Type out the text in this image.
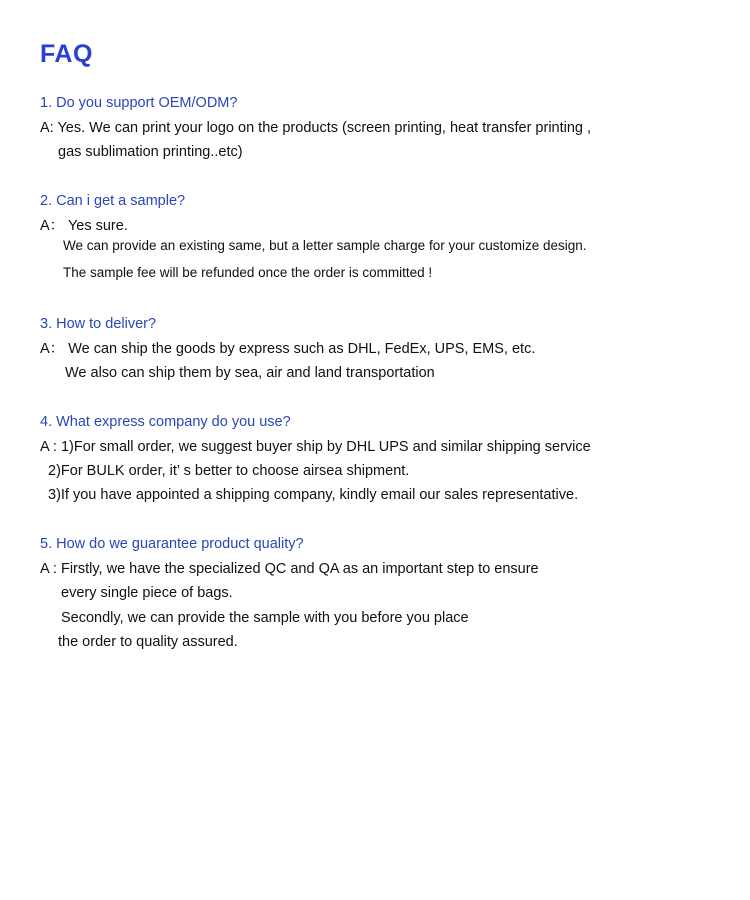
FAQ
1. Do you support OEM/ODM?
A: Yes. We can print your logo on the products (screen printing, heat transfer printing ,
gas sublimation printing..etc)
2. Can i get a sample?
A： Yes sure.
We can provide an existing same, but a letter sample charge for your customize design.
The sample fee will be refunded once the order is committed !
3. How to deliver?
A： We can ship the goods by express such as DHL, FedEx, UPS, EMS, etc.
We also can ship them by sea, air and land transportation
4. What express company do you use?
A : 1)For small order, we suggest buyer ship by DHL UPS and similar shipping service
2)For BULK order, it’ s better to choose airsea shipment.
3)If you have appointed a shipping company, kindly email our sales representative.
5. How do we guarantee product quality?
A : Firstly, we have the specialized QC and QA as an important step to ensure
every single piece of bags.
Secondly, we can provide the sample with you before you place
the order to quality assured.
